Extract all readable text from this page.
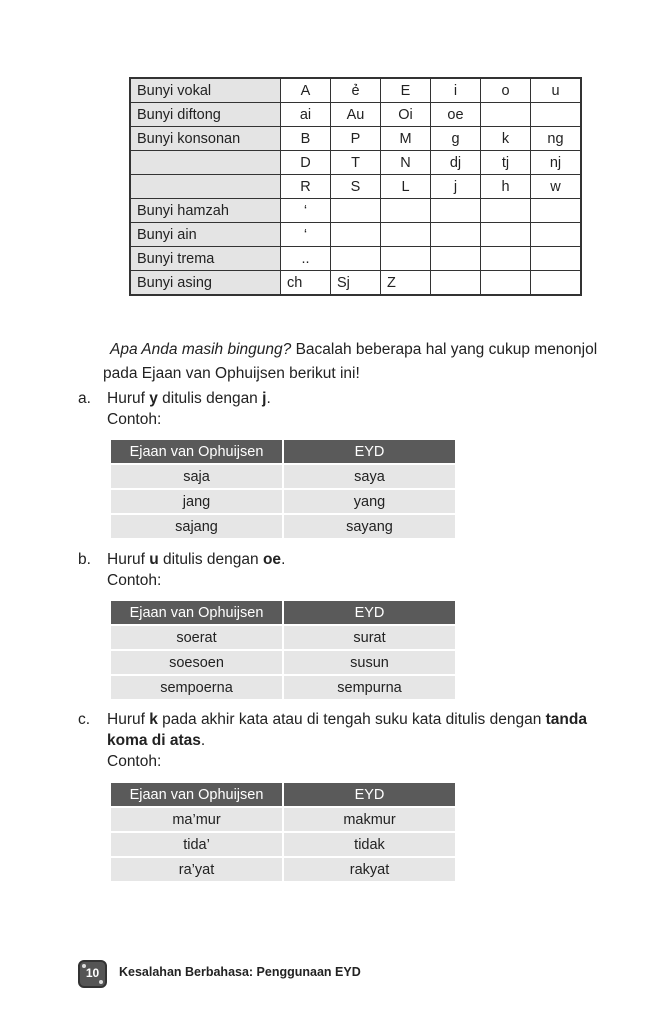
Bunyi vokal	A	ẻ	E	i	o	u
Bunyi diftong	ai	Au	Oi	oe		
Bunyi konsonan	B	P	M	g	k	ng
	D	T	N	dj	tj	nj
	R	S	L	j	h	w
Bunyi hamzah	‘					
Bunyi ain	‘					
Bunyi trema	..					
Bunyi asing	ch	Sj	Z			
Apa Anda masih bingung? Bacalah beberapa hal yang cukup menonjol pada Ejaan van Ophuijsen berikut ini!
a.	Huruf y ditulis dengan j.
Contoh:
Ejaan van Ophuijsen	EYD
saja	saya
jang	yang
sajang	sayang
b.	Huruf u ditulis dengan oe.
Contoh:
Ejaan van Ophuijsen	EYD
soerat	surat
soesoen	susun
sempoerna	sempurna
c.	Huruf k pada akhir kata atau di tengah suku kata ditulis dengan tanda koma di atas.
Contoh:
Ejaan van Ophuijsen	EYD
ma’mur	makmur
tida’	tidak
ra’yat	rakyat
10	Kesalahan Berbahasa: Penggunaan EYD
